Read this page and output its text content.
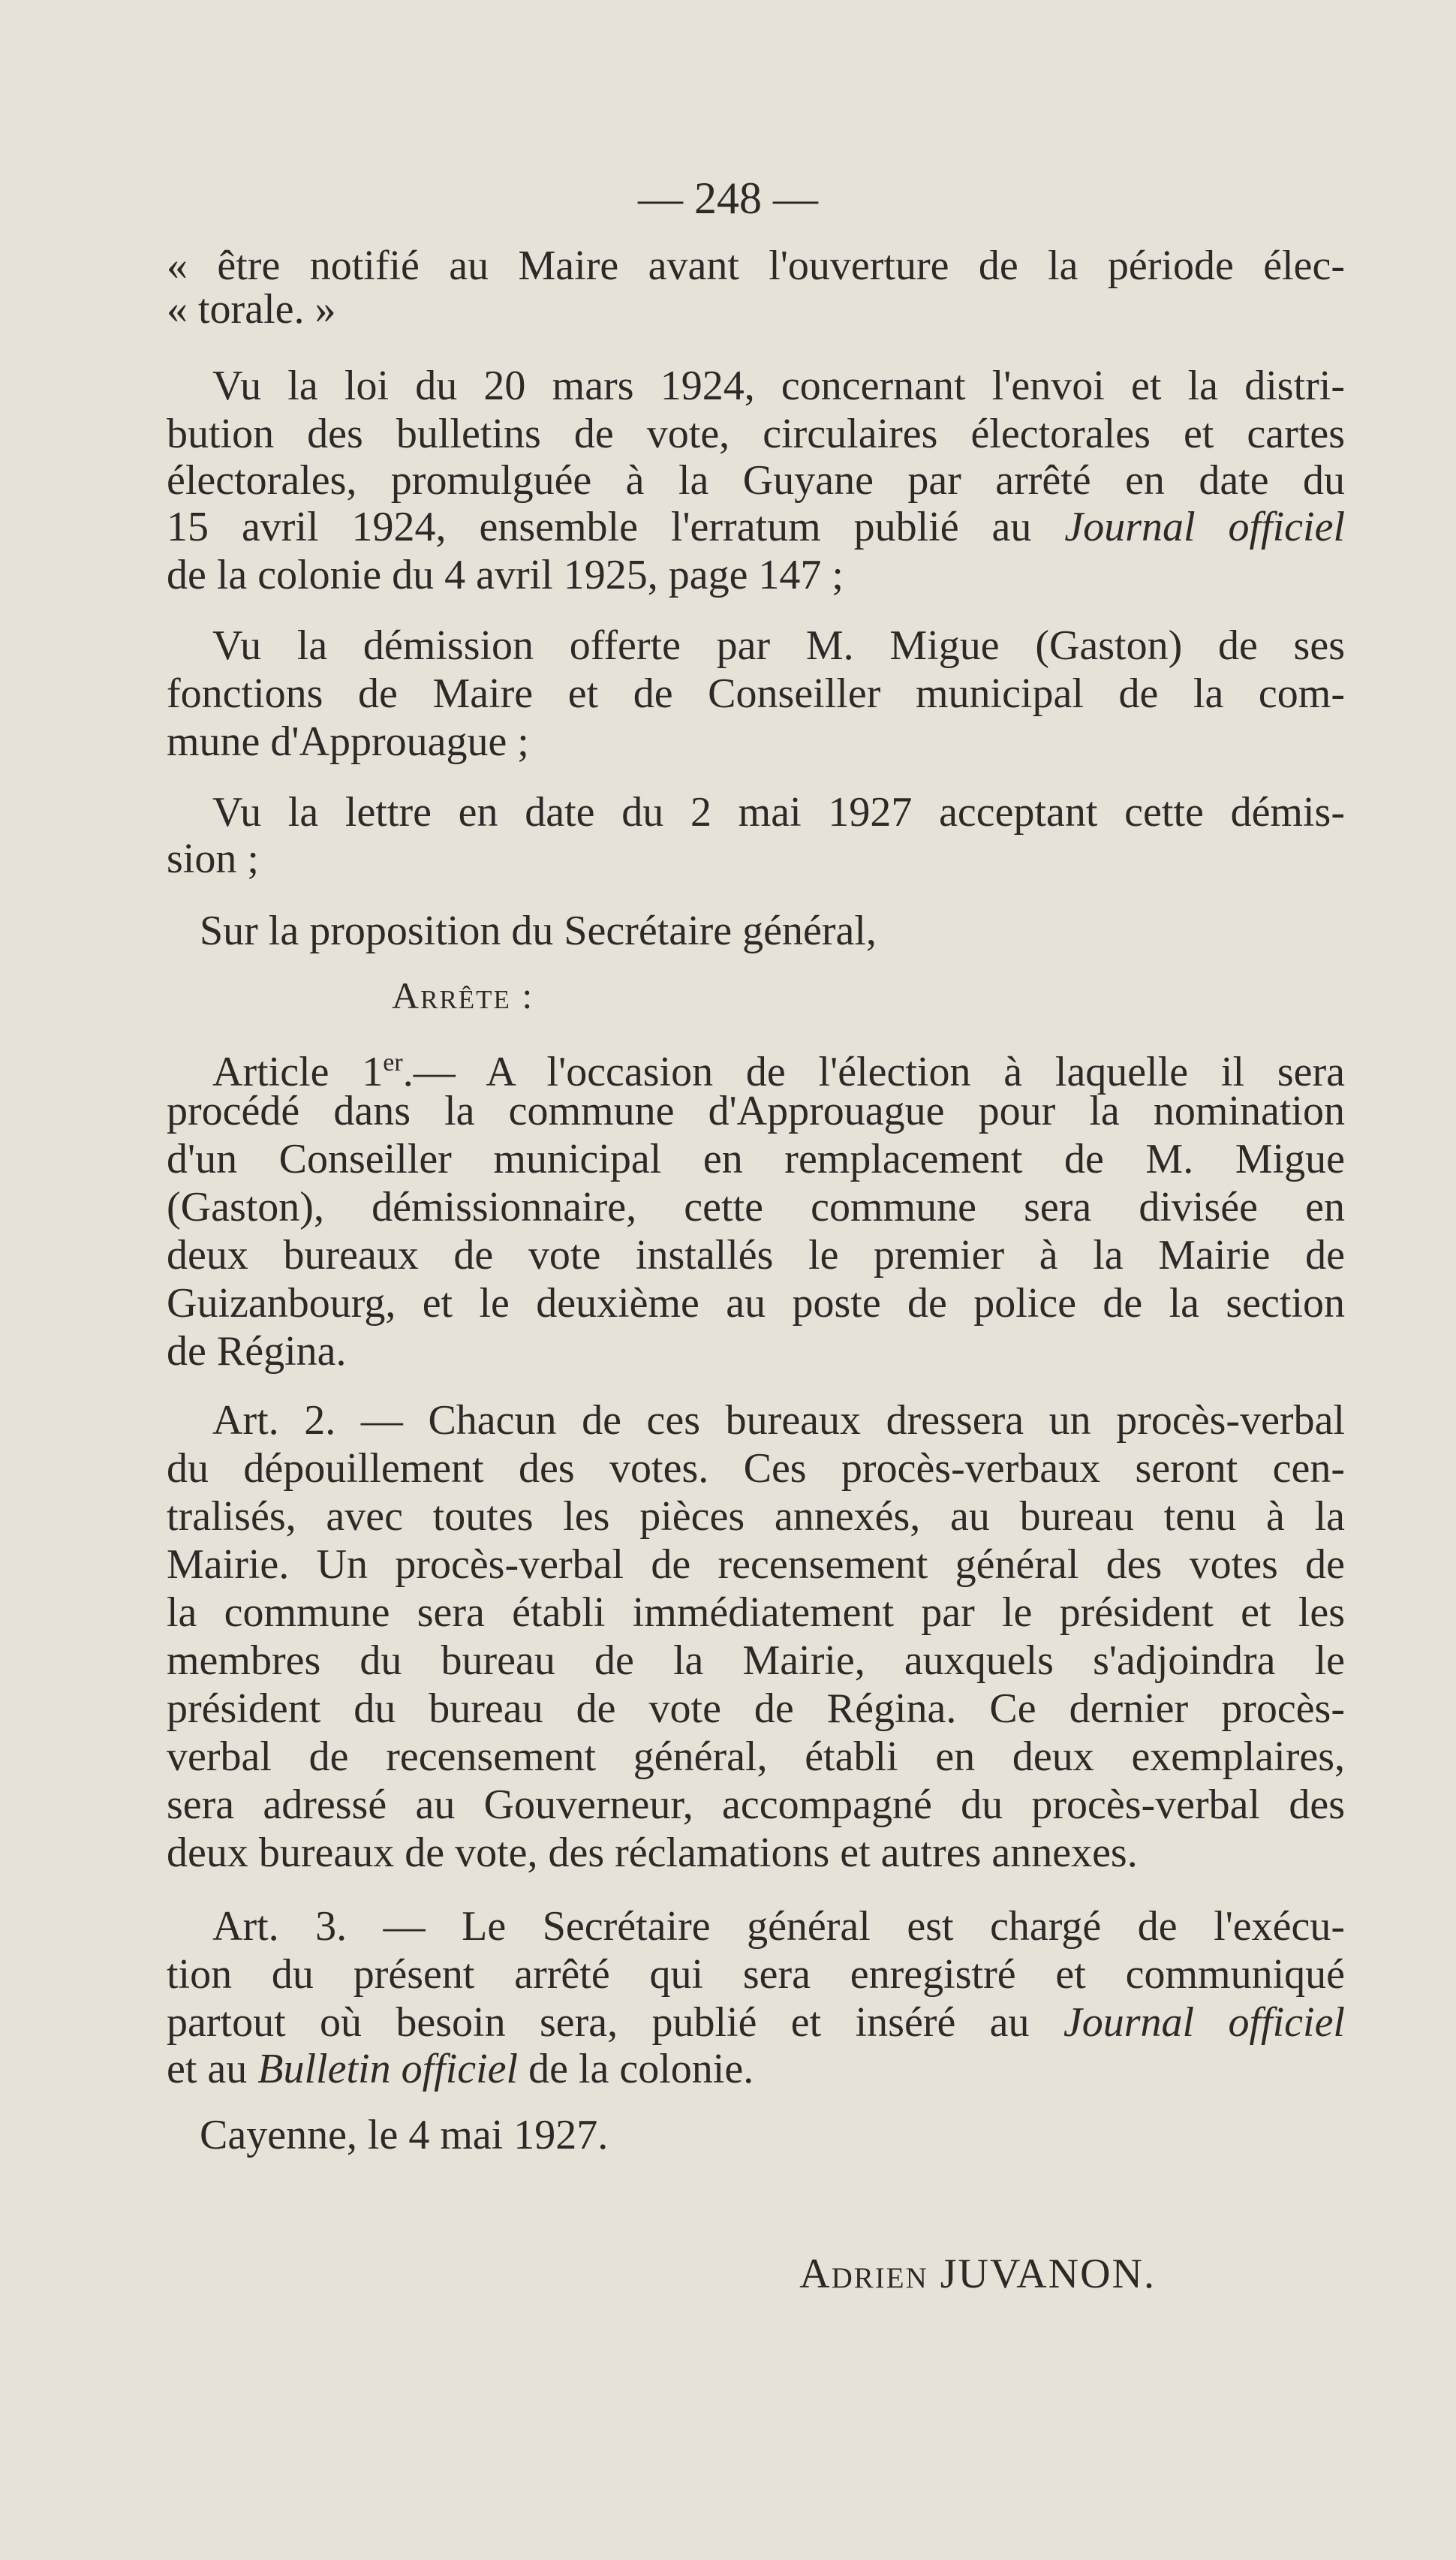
— 248 —
« être notifié au Maire avant l'ouverture de la période élec-
« torale. »
Vu la loi du 20 mars 1924, concernant l'envoi et la distri-
bution des bulletins de vote, circulaires électorales et cartes
électorales, promulguée à la Guyane par arrêté en date du
15 avril 1924, ensemble l'erratum publié au Journal officiel
de la colonie du 4 avril 1925, page 147 ;
Vu la démission offerte par M. Migue (Gaston) de ses
fonctions de Maire et de Conseiller municipal de la com-
mune d'Approuague ;
Vu la lettre en date du 2 mai 1927 acceptant cette démis-
sion ;
Sur la proposition du Secrétaire général,
Arrête :
Article 1er.— A l'occasion de l'élection à laquelle il sera
procédé dans la commune d'Approuague pour la nomination
d'un Conseiller municipal en remplacement de M. Migue
(Gaston), démissionnaire, cette commune sera divisée en
deux bureaux de vote installés le premier à la Mairie de
Guizanbourg, et le deuxième au poste de police de la section
de Régina.
Art. 2. — Chacun de ces bureaux dressera un procès-verbal
du dépouillement des votes. Ces procès-verbaux seront cen-
tralisés, avec toutes les pièces annexés, au bureau tenu à la
Mairie. Un procès-verbal de recensement général des votes de
la commune sera établi immédiatement par le président et les
membres du bureau de la Mairie, auxquels s'adjoindra le
président du bureau de vote de Régina. Ce dernier procès-
verbal de recensement général, établi en deux exemplaires,
sera adressé au Gouverneur, accompagné du procès-verbal des
deux bureaux de vote, des réclamations et autres annexes.
Art. 3. — Le Secrétaire général est chargé de l'exécu-
tion du présent arrêté qui sera enregistré et communiqué
partout où besoin sera, publié et inséré au Journal officiel
et au Bulletin officiel de la colonie.
Cayenne, le 4 mai 1927.
Adrien JUVANON.
